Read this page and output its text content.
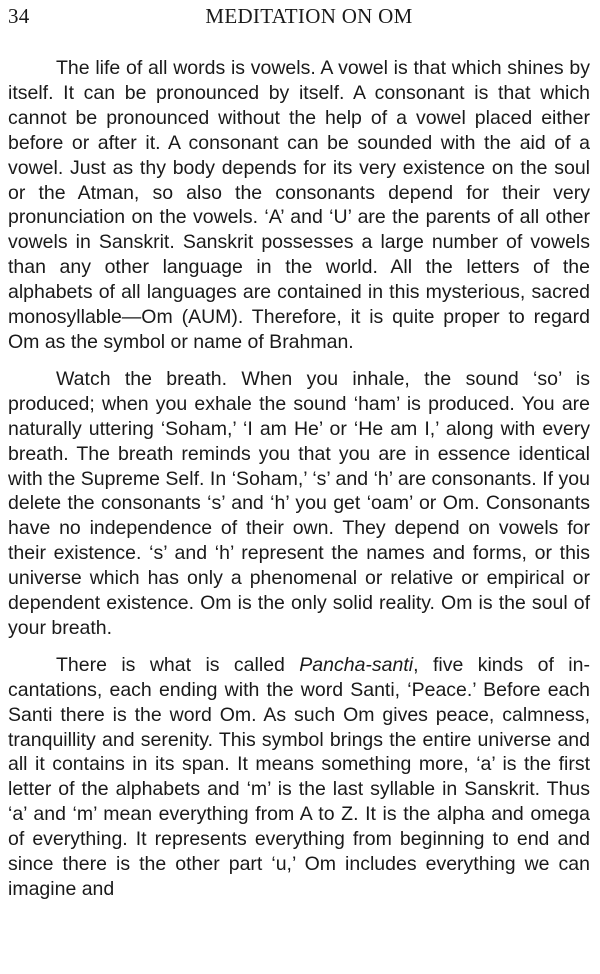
34	MEDITATION ON OM

The life of all words is vowels. A vowel is that which shines by itself. It can be pronounced by itself. A consonant is that which cannot be pronounced without the help of a vowel placed either before or after it. A consonant can be sounded with the aid of a vowel. Just as thy body depends for its very existence on the soul or the Atman, so also the consonants depend for their very pronunciation on the vowels. ‘A’ and ‘U’ are the parents of all other vowels in Sanskrit. Sanskrit possesses a large number of vowels than any other language in the world. All the letters of the alphabets of all languages are contained in this mysterious, sacred monosyllable—Om (AUM). Therefore, it is quite proper to regard Om as the symbol or name of Brahman.

Watch the breath. When you inhale, the sound ‘so’ is produced; when you exhale the sound ‘ham’ is produced. You are naturally uttering ‘Soham,’ ‘I am He’ or ‘He am I,’ along with every breath. The breath reminds you that you are in essence identical with the Supreme Self. In ‘Soham,’ ‘s’ and ‘h’ are consonants. If you delete the consonants ‘s’ and ‘h’ you get ‘oam’ or Om. Consonants have no independence of their own. They depend on vowels for their existence. ‘s’ and ‘h’ represent the names and forms, or this universe which has only a phenomenal or relative or empirical or dependent existence. Om is the only solid reality. Om is the soul of your breath.

There is what is called Pancha-santi, five kinds of incantations, each ending with the word Santi, ‘Peace.’ Before each Santi there is the word Om. As such Om gives peace, calmness, tranquillity and serenity. This symbol brings the entire universe and all it contains in its span. It means something more, ‘a’ is the first letter of the alphabets and ‘m’ is the last syllable in Sanskrit. Thus ‘a’ and ‘m’ mean everything from A to Z. It is the alpha and omega of everything. It represents everything from beginning to end and since there is the other part ‘u,’ Om includes everything we can imagine and
